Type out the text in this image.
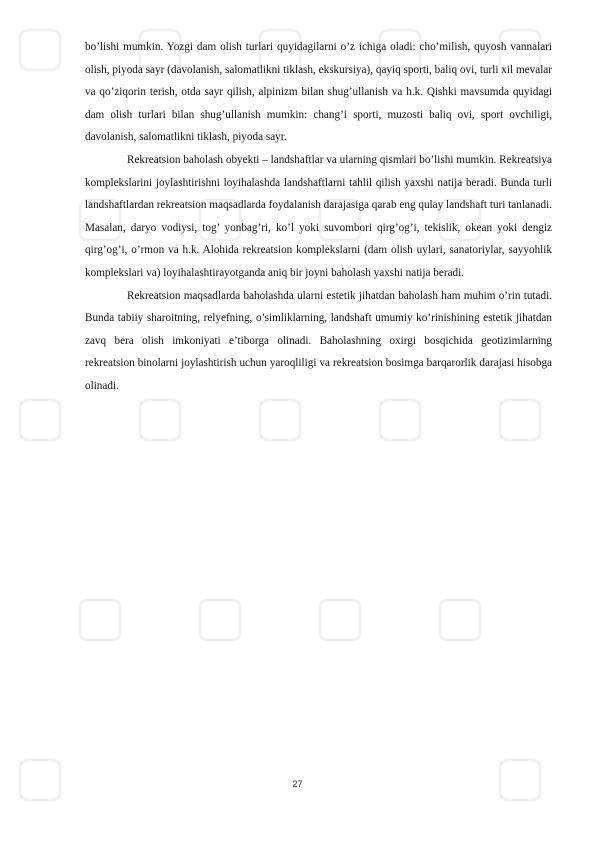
bo’lishi mumkin. Yozgi dam olish turlari quyidagilarni o’z ichiga oladi: cho’milish, quyosh vannalari olish, piyoda sayr (davolanish, salomatlikni tiklash, ekskursiya), qayiq sporti, baliq ovi, turli xil mevalar va qo’ziqorin terish, otda sayr qilish, alpinizm bilan shug’ullanish va h.k. Qishki mavsumda quyidagi dam olish turlari bilan shug’ullanish mumkin: chang’i sporti, muzosti baliq ovi, sport ovchiligi, davolanish, salomatlikni tiklash, piyoda sayr.

Rekreatsion baholash obyekti – landshaftlar va ularning qismlari bo’lishi mumkin. Rekreatsiya komplekslarini joylashtirishni loyihalashda landshaftlarni tahlil qilish yaxshi natija beradi. Bunda turli landshaftlardan rekreatsion maqsadlarda foydalanish darajasiga qarab eng qulay landshaft turi tanlanadi. Masalan, daryo vodiysi, tog’ yonbag’ri, ko’l yoki suvombori qirg’og’i, tekislik, okean yoki dengiz qirg’og’i, o’rmon va h.k. Alohida rekreatsion komplekslarni (dam olish uylari, sanatoriylar, sayyohlik komplekslari va) loyihalashtirayotganda aniq bir joyni baholash yaxshi natija beradi.

Rekreatsion maqsadlarda baholashda ularni estetik jihatdan baholash ham muhim o’rin tutadi. Bunda tabiiy sharoitning, relyefning, o’simliklarning, landshaft umumiy ko’rinishining estetik jihatdan zavq bera olish imkoniyati e’tiborga olinadi. Baholashning oxirgi bosqichida geotizimlarning rekreatsion binolarni joylashtirish uchun yaroqliligi va rekreatsion bosimga barqarorlik darajasi hisobga olinadi.

27
